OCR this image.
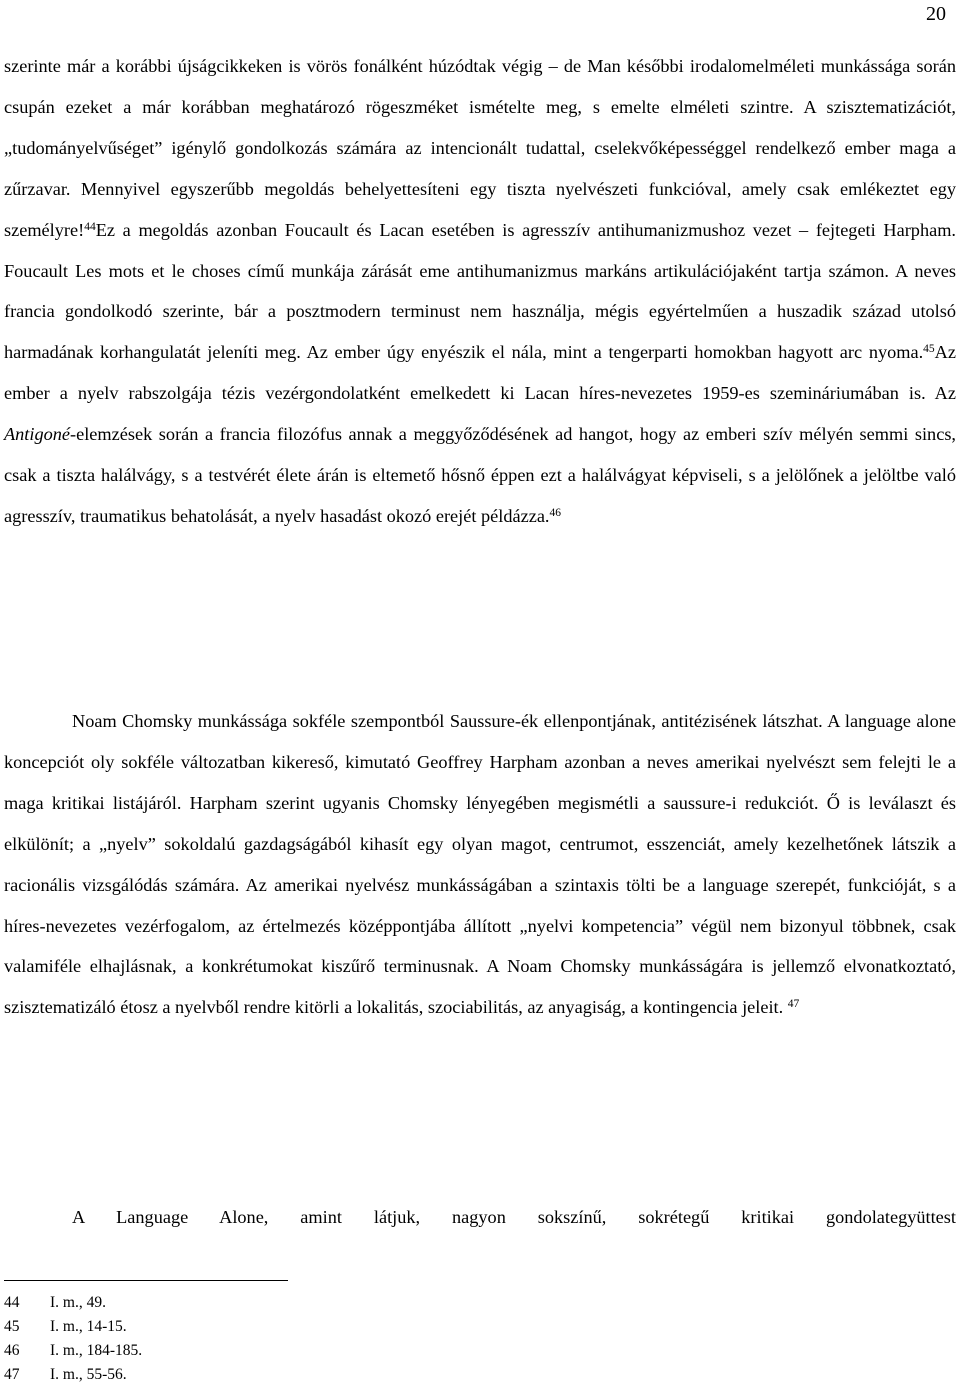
20
szerinte már a korábbi újságcikkeken is vörös fonálként húzódtak végig – de Man későbbi irodalomelméleti munkássága során csupán ezeket a már korábban meghatározó rögeszméket ismételte meg, s emelte elméleti szintre. A szisztematizációt, „tudományelvűséget” igénylő gondolkozás számára az intencionált tudattal, cselekvőképességgel rendelkező ember maga a zűrzavar. Mennyivel egyszerűbb megoldás behelyettesíteni egy tiszta nyelvészeti funkcióval, amely csak emlékeztet egy személyre!$^{44}$Ez a megoldás azonban Foucault és Lacan esetében is agresszív antihumanizmushoz vezet – fejtegeti Harpham. Foucault Les mots et le choses című munkája zárását eme antihumanizmus markáns artikulációjaként tartja számon. A neves francia gondolkodó szerinte, bár a posztmodern terminust nem használja, mégis egyértelműen a huszadik század utolsó harmadának korhangulatát jeleníti meg. Az ember úgy enyészik el nála, mint a tengerparti homokban hagyott arc nyoma.$^{45}$Az ember a nyelv rabszolgája tézis vezérgondolatként emelkedett ki Lacan híres-nevezetes 1959-es szemináriumában is. Az Antigoné-elemzések során a francia filozófus annak a meggyőződésének ad hangot, hogy az emberi szív mélyén semmi sincs, csak a tiszta halálvágy, s a testvérét élete árán is eltemető hősnő éppen ezt a halálvágyat képviseli, s a jelölőnek a jelöltbe való agresszív, traumatikus behatolását, a nyelv hasadást okozó erejét példázza.$^{46}$
Noam Chomsky munkássága sokféle szempontból Saussure-ék ellenpontjának, antitézisének látszhat. A language alone koncepciót oly sokféle változatban kikereső, kimutató Geoffrey Harpham azonban a neves amerikai nyelvészt sem felejti le a maga kritikai listájáról. Harpham szerint ugyanis Chomsky lényegében megismétli a saussure-i redukciót. Ő is leválaszt és elkülönít; a „nyelv” sokoldalú gazdagságából kihasít egy olyan magot, centrumot, esszenciát, amely kezelhetőnek látszik a racionális vizsgálódás számára. Az amerikai nyelvész munkásságában a szintaxis tölti be a language szerepét, funkcióját, s a híres-nevezetes vezérfogalom, az értelmezés középpontjába állított „nyelvi kompetencia” végül nem bizonyul többnek, csak valamiféle elhajlásnak, a konkrétumokat kiszűrő terminusnak. A Noam Chomsky munkásságára is jellemző elvonatkoztató, szisztematizáló étosz a nyelvből rendre kitörli a lokalitás, szociabilitás, az anyagiság, a kontingencia jeleit. $^{47}$
A Language Alone, amint látjuk, nagyon sokszínű, sokrétegű kritikai gondolategyüttest
44	I. m., 49.
45	I. m., 14-15.
46	I. m., 184-185.
47	I. m., 55-56.
